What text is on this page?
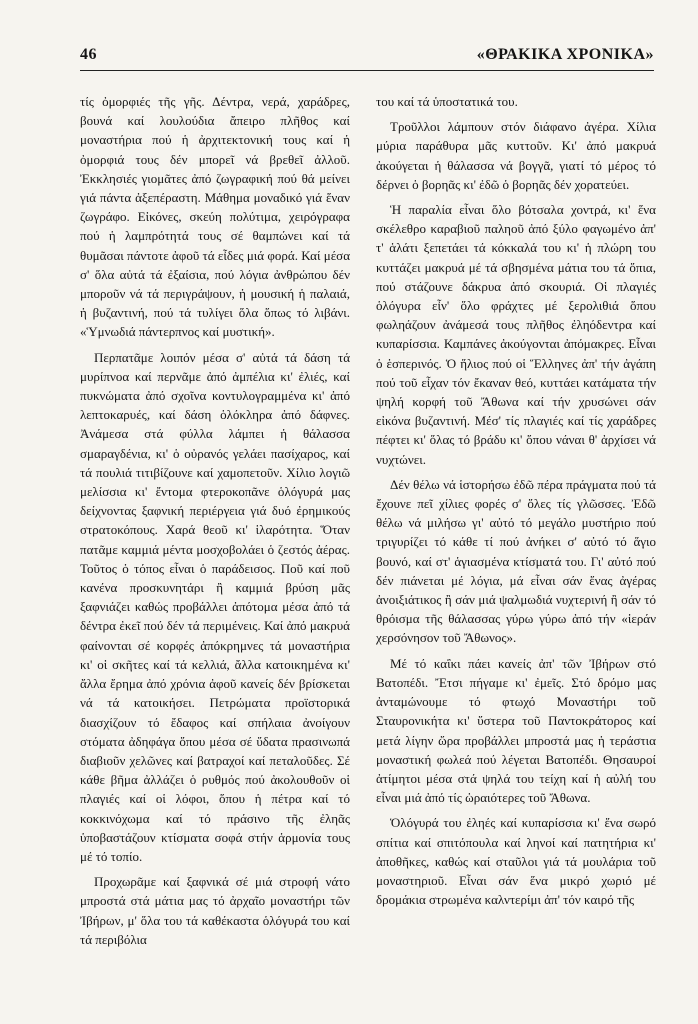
46	«ΘΡΑΚΙΚΑ ΧΡΟΝΙΚΑ»

τίς ὀμορφιές τῆς γῆς. Δέντρα, νερά, χαράδρες, βουνά καί λουλούδια ἄπειρο πλῆθος καί μοναστήρια πού ἡ ἀρχιτεκτονική τους καί ἡ ὀμορφιά τους δέν μπορεῖ νά βρεθεῖ ἀλλοῦ. Ἐκκλησιές γιομᾶτες ἀπό ζωγραφική πού θά μείνει γιά πάντα ἀξεπέραστη. Μάθημα μοναδικό γιά ἕναν ζωγράφο. Εἰκόνες, σκεύη πολύτιμα, χειρόγραφα πού ἡ λαμπρότητά τους σέ θαμπώνει καί τά θυμᾶσαι πάντοτε ἀφοῦ τά εἶδες μιά φορά. Καί μέσα σ' ὅλα αὐτά τά ἐξαίσια, πού λόγια ἀνθρώπου δέν μποροῦν νά τά περιγράψουν, ἡ μουσική ἡ παλαιά, ἡ βυζαντινή, πού τά τυλίγει ὅλα ὅπως τό λιβάνι. «Ὑμνωδιά πάντερπνος καί μυστική».

Περπατᾶμε λοιπόν μέσα σ' αὐτά τά δάση τά μυρίπνοα καί περνᾶμε ἀπό ἀμπέλια κι' ἐλιές, καί πυκνώματα ἀπό σχοῖνα κοντυλογραμμένα κι' ἀπό λεπτοκαρυές, καί δάση ὁλόκληρα ἀπό δάφνες. Ἀνάμεσα στά φύλλα λάμπει ἡ θάλασσα σμαραγδένια, κι' ὁ οὐρανός γελάει πασίχαρος, καί τά πουλιά τιτιβίζουνε καί χαμοπετοῦν. Χίλιο λογιῶ μελίσσια κι' ἔντομα φτεροκοπᾶνε ὁλόγυρά μας δείχνοντας ξαφνική περιέργεια γιά δυό ἐρημικούς στρατοκόπους. Χαρά θεοῦ κι' ἱλαρότητα. Ὅταν πατᾶμε καμμιά μέντα μοσχοβολάει ὁ ζεστός ἀέρας. Τοῦτος ὁ τόπος εἶναι ὁ παράδεισος. Ποῦ καί ποῦ κανένα προσκυνητάρι ἢ καμμιά βρύση μᾶς ξαφνιάζει καθώς προβάλλει ἀπότομα μέσα ἀπό τά δέντρα ἐκεῖ πού δέν τά περιμένεις. Καί ἀπό μακρυά φαίνονται σέ κορφές ἀπόκρημνες τά μοναστήρια κι' οἱ σκῆτες καί τά κελλιά, ἄλλα κατοικημένα κι' ἄλλα ἔρημα ἀπό χρόνια ἀφοῦ κανείς δέν βρίσκεται νά τά κατοικήσει. Πετρώματα προϊστορικά διασχίζουν τό ἔδαφος καί σπήλαια ἀνοίγουν στόματα ἀδηφάγα ὅπου μέσα σέ ὕδατα πρασινωπά διαβιοῦν χελῶνες καί βατραχοί καί πεταλοῦδες. Σέ κάθε βῆμα ἀλλάζει ὁ ρυθμός πού ἀκολουθοῦν οἱ πλαγιές καί οἱ λόφοι, ὅπου ἡ πέτρα καί τό κοκκινόχωμα καί τό πράσινο τῆς ἐληᾶς ὑποβαστάζουν κτίσματα σοφά στήν ἁρμονία τους μέ τό τοπίο.

Προχωρᾶμε καί ξαφνικά σέ μιά στροφή νάτο μπροστά στά μάτια μας τό ἀρχαῖο μοναστήρι τῶν Ἰβήρων, μ' ὅλα του τά καθέκαστα ὁλόγυρά του καί τά περιβόλια

του καί τά ὑποστατικά του.

Τροῦλλοι λάμπουν στόν διάφανο ἀγέρα. Χίλια μύρια παράθυρα μᾶς κυττοῦν. Κι' ἀπό μακρυά ἀκούγεται ἡ θάλασσα νά βογγᾶ, γιατί τό μέρος τό δέρνει ὁ βορηᾶς κι' ἐδῶ ὁ βορηᾶς δέν χορατεύει.

Ἡ παραλία εἶναι ὅλο βότσαλα χοντρά, κι' ἕνα σκέλεθρο καραβιοῦ παληοῦ ἀπό ξύλο φαγωμένο ἀπ' τ' ἁλάτι ξεπετάει τά κόκκαλά του κι' ἡ πλώρη του κυττάζει μακρυά μέ τά σβησμένα μάτια του τά ὅπια, πού στάζουνε δάκρυα ἀπό σκουριά. Οἱ πλαγιές ὁλόγυρα εἶν' ὅλο φράχτες μέ ξερολιθιά ὅπου φωληάζουν ἀνάμεσά τους πλῆθος ἐληόδεντρα καί κυπαρίσσια. Καμπάνες ἀκούγονται ἀπόμακρες. Εἶναι ὁ ἑσπερινός. Ὁ ἥλιος πού οἱ Ἕλληνες ἀπ' τήν ἀγάπη πού τοῦ εἶχαν τόν ἔκαναν θεό, κυττάει κατάματα τήν ψηλή κορφή τοῦ Ἄθωνα καί τήν χρυσώνει σάν εἰκόνα βυζαντινή. Μέσ' τίς πλαγιές καί τίς χαράδρες πέφτει κι' ὅλας τό βράδυ κι' ὅπου νάναι θ' ἀρχίσει νά νυχτώνει.

Δέν θέλω νά ἱστορήσω ἐδῶ πέρα πράγματα πού τά ἔχουνε πεῖ χίλιες φορές σ' ὅλες τίς γλῶσσες. Ἐδῶ θέλω νά μιλήσω γι' αὐτό τό μεγάλο μυστήριο πού τριγυρίζει τό κάθε τί πού ἀνήκει σ' αὐτό τό ἅγιο βουνό, καί στ' ἁγιασμένα κτίσματά του. Γι' αὐτό πού δέν πιάνεται μέ λόγια, μά εἶναι σάν ἕνας ἀγέρας ἀνοιξιάτικος ἢ σάν μιά ψαλμωδιά νυχτερινή ἢ σάν τό θρόισμα τῆς θάλασσας γύρω γύρω ἀπό τήν «ἱεράν χερσόνησον τοῦ Ἄθωνος».

Μέ τό καΐκι πάει κανείς ἀπ' τῶν Ἰβήρων στό Βατοπέδι. Ἔτσι πήγαμε κι' ἐμεῖς. Στό δρόμο μας ἀνταμώνουμε τό φτωχό Μοναστήρι τοῦ Σταυρονικήτα κι' ὕστερα τοῦ Παντοκράτορος καί μετά λίγην ὥρα προβάλλει μπροστά μας ἡ τεράστια μοναστική φωλεά πού λέγεται Βατοπέδι. Θησαυροί ἀτίμητοι μέσα στά ψηλά του τείχη καί ἡ αὐλή του εἶναι μιά ἀπό τίς ὡραιότερες τοῦ Ἄθωνα.

Ὁλόγυρά του ἐληές καί κυπαρίσσια κι' ἕνα σωρό σπίτια καί σπιτόπουλα καί ληνοί καί πατητήρια κι' ἀποθῆκες, καθώς καί σταῦλοι γιά τά μουλάρια τοῦ μοναστηριοῦ. Εἶναι σάν ἕνα μικρό χωριό μέ δρομάκια στρωμένα καλντερίμι ἀπ' τόν καιρό τῆς
